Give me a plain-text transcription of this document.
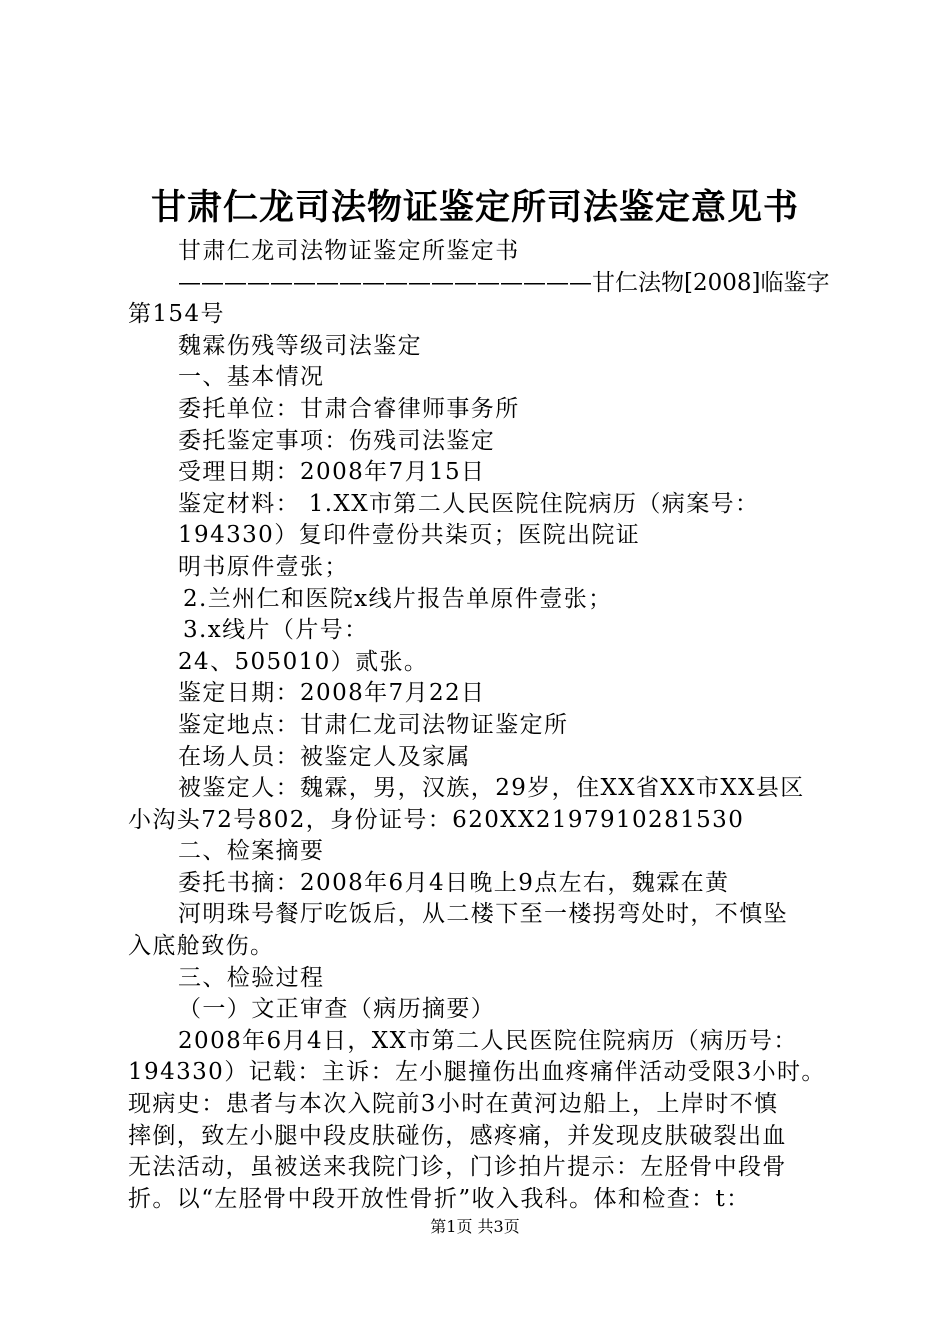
甘肃仁龙司法物证鉴定所司法鉴定意见书
甘肃仁龙司法物证鉴定所鉴定书
——————————————————甘仁法物[2008]临鉴字
第154号
魏霖伤残等级司法鉴定
一、基本情况
委托单位：甘肃合睿律师事务所
委托鉴定事项：伤残司法鉴定
受理日期：2008年7月15日
鉴定材料： 1.XX市第二人民医院住院病历（病案号：
194330）复印件壹份共柒页；医院出院证
明书原件壹张；
2.兰州仁和医院x线片报告单原件壹张；
3.x线片（片号：
24、505010）贰张。
鉴定日期：2008年7月22日
鉴定地点：甘肃仁龙司法物证鉴定所
在场人员：被鉴定人及家属
被鉴定人：魏霖，男，汉族，29岁，住XX省XX市XX县区
小沟头72号802，身份证号：620XX2197910281530
二、检案摘要
委托书摘：2008年6月4日晚上9点左右，魏霖在黄
河明珠号餐厅吃饭后，从二楼下至一楼拐弯处时，不慎坠
入底舱致伤。
三、检验过程
（一）文正审查（病历摘要）
2008年6月4日，XX市第二人民医院住院病历（病历号：
194330）记载：主诉：左小腿撞伤出血疼痛伴活动受限3小时。
现病史：患者与本次入院前3小时在黄河边船上，上岸时不慎
摔倒，致左小腿中段皮肤碰伤，感疼痛，并发现皮肤破裂出血
无法活动，虽被送来我院门诊，门诊拍片提示：左胫骨中段骨
折。以“左胫骨中段开放性骨折”收入我科。体和检查：t：
第1页 共3页
